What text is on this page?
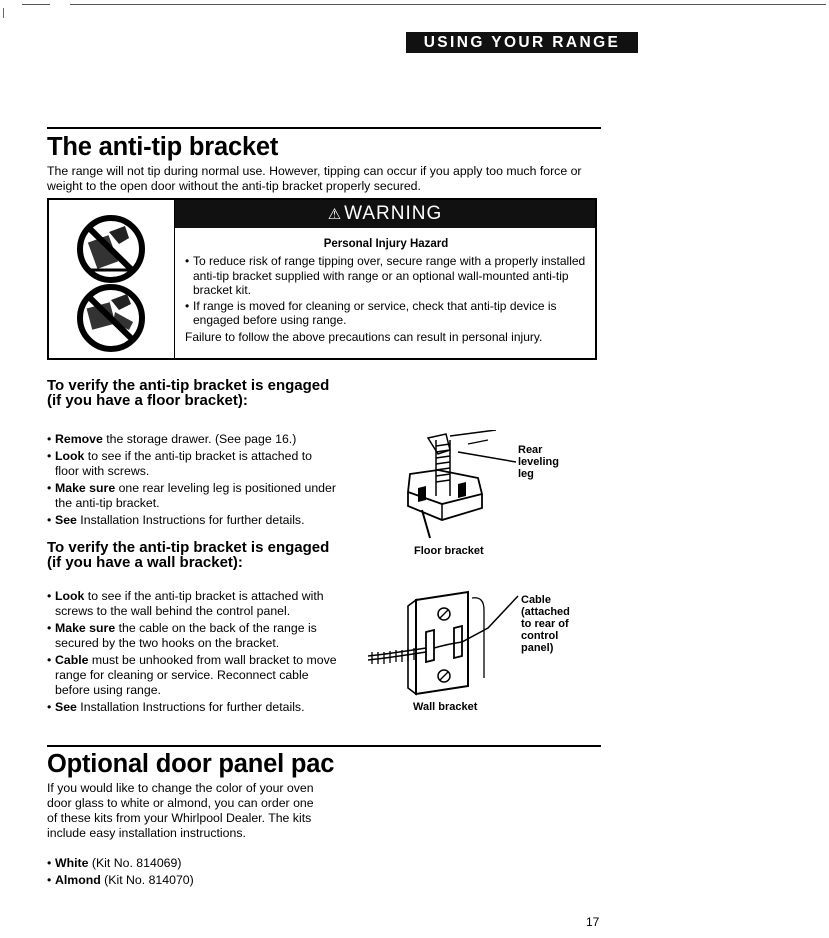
USING YOUR RANGE
The anti-tip bracket
The range will not tip during normal use. However, tipping can occur if you apply too much force or weight to the open door without the anti-tip bracket properly secured.
⚠ WARNING
Personal Injury Hazard
• To reduce risk of range tipping over, secure range with a properly installed anti-tip bracket supplied with range or an optional wall-mounted anti-tip bracket kit.
• If range is moved for cleaning or service, check that anti-tip device is engaged before using range.
Failure to follow the above precautions can result in personal injury.
To verify the anti-tip bracket is engaged (if you have a floor bracket):
• Remove the storage drawer. (See page 16.)
• Look to see if the anti-tip bracket is attached to floor with screws.
• Make sure one rear leveling leg is positioned under the anti-tip bracket.
• See Installation Instructions for further details.
Rear leveling leg
Floor bracket
To verify the anti-tip bracket is engaged (if you have a wall bracket):
• Look to see if the anti-tip bracket is attached with screws to the wall behind the control panel.
• Make sure the cable on the back of the range is secured by the two hooks on the bracket.
• Cable must be unhooked from wall bracket to move range for cleaning or service. Reconnect cable before using range.
• See Installation Instructions for further details.
Cable (attached to rear of control panel)
Wall bracket
Optional door panel pac
If you would like to change the color of your oven door glass to white or almond, you can order one of these kits from your Whirlpool Dealer. The kits include easy installation instructions.
• White (Kit No. 814069)
• Almond (Kit No. 814070)
17
